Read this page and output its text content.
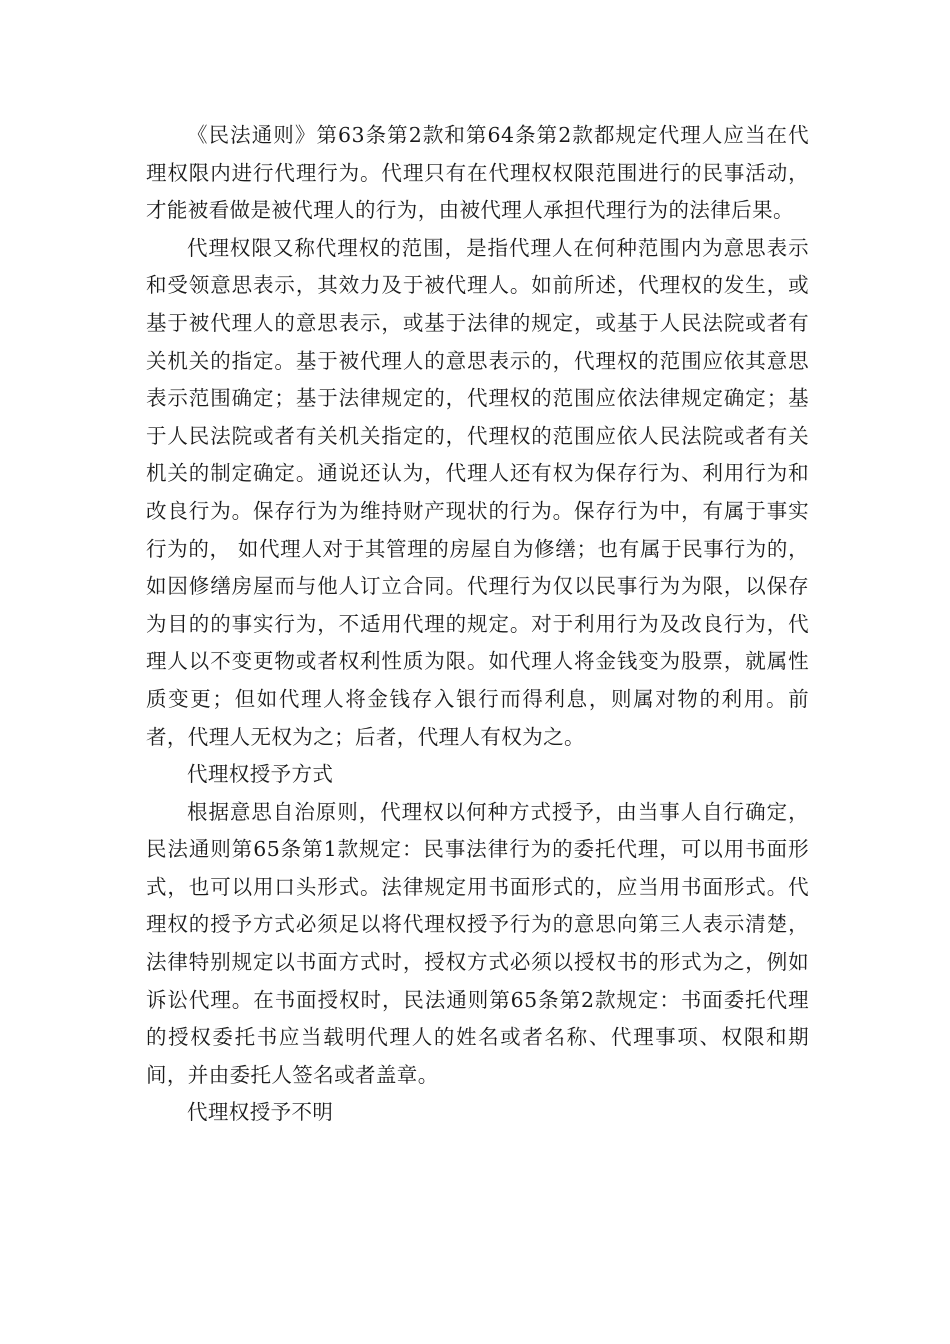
《民法通则》第63条第2款和第64条第2款都规定代理人应当在代理权限内进行代理行为。代理只有在代理权权限范围进行的民事活动，才能被看做是被代理人的行为，由被代理人承担代理行为的法律后果。

代理权限又称代理权的范围，是指代理人在何种范围内为意思表示和受领意思表示，其效力及于被代理人。如前所述，代理权的发生，或基于被代理人的意思表示，或基于法律的规定，或基于人民法院或者有关机关的指定。基于被代理人的意思表示的，代理权的范围应依其意思表示范围确定；基于法律规定的，代理权的范围应依法律规定确定；基于人民法院或者有关机关指定的，代理权的范围应依人民法院或者有关机关的制定确定。通说还认为，代理人还有权为保存行为、利用行为和改良行为。保存行为为维持财产现状的行为。保存行为中，有属于事实行为的， 如代理人对于其管理的房屋自为修缮；也有属于民事行为的，如因修缮房屋而与他人订立合同。代理行为仅以民事行为为限，以保存为目的的事实行为，不适用代理的规定。对于利用行为及改良行为，代理人以不变更物或者权利性质为限。如代理人将金钱变为股票，就属性质变更；但如代理人将金钱存入银行而得利息，则属对物的利用。前者，代理人无权为之；后者，代理人有权为之。

代理权授予方式

根据意思自治原则，代理权以何种方式授予，由当事人自行确定，民法通则第65条第1款规定：民事法律行为的委托代理，可以用书面形式，也可以用口头形式。法律规定用书面形式的，应当用书面形式。代理权的授予方式必须足以将代理权授予行为的意思向第三人表示清楚，法律特别规定以书面方式时，授权方式必须以授权书的形式为之，例如诉讼代理。在书面授权时，民法通则第65条第2款规定：书面委托代理的授权委托书应当载明代理人的姓名或者名称、代理事项、权限和期间，并由委托人签名或者盖章。

代理权授予不明
